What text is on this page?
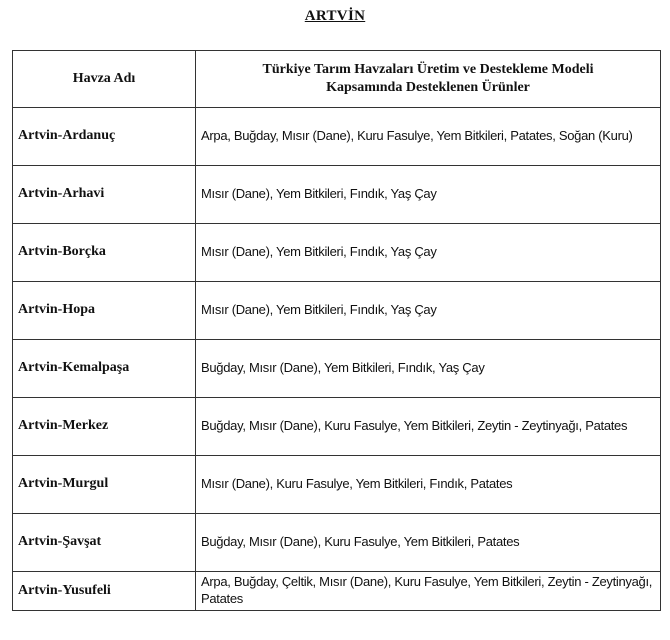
ARTVİN
Havza Adı	Türkiye Tarım Havzaları Üretim ve Destekleme Modeli
Kapsamında Desteklenen Ürünler
Artvin-Ardanuç	Arpa, Buğday, Mısır (Dane), Kuru Fasulye, Yem Bitkileri, Patates, Soğan (Kuru)
Artvin-Arhavi	Mısır (Dane), Yem Bitkileri, Fındık, Yaş Çay
Artvin-Borçka	Mısır (Dane), Yem Bitkileri, Fındık, Yaş Çay
Artvin-Hopa	Mısır (Dane), Yem Bitkileri, Fındık, Yaş Çay
Artvin-Kemalpaşa	Buğday, Mısır (Dane), Yem Bitkileri, Fındık, Yaş Çay
Artvin-Merkez	Buğday, Mısır (Dane), Kuru Fasulye, Yem Bitkileri, Zeytin - Zeytinyağı, Patates
Artvin-Murgul	Mısır (Dane), Kuru Fasulye, Yem Bitkileri, Fındık, Patates
Artvin-Şavşat	Buğday, Mısır (Dane), Kuru Fasulye, Yem Bitkileri, Patates
Artvin-Yusufeli	Arpa, Buğday, Çeltik, Mısır (Dane), Kuru Fasulye, Yem Bitkileri, Zeytin - Zeytinyağı, Patates
